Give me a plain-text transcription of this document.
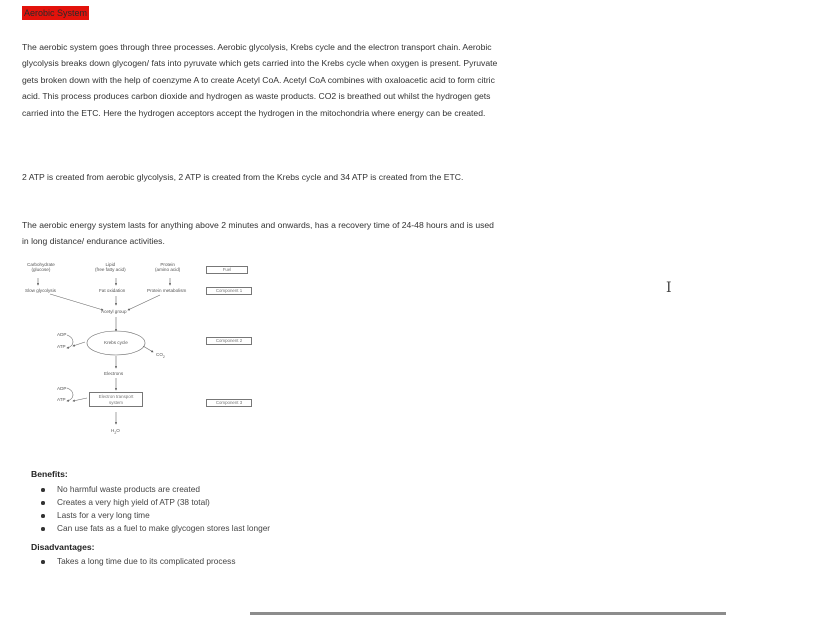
Aerobic System

The aerobic system goes through three processes. Aerobic glycolysis, Krebs cycle and the electron transport chain. Aerobic glycolysis breaks down glycogen/ fats into pyruvate which gets carried into the Krebs cycle when oxygen is present. Pyruvate gets broken down with the help of coenzyme A to create Acetyl CoA. Acetyl CoA combines with oxaloacetic acid to form citric acid. This process produces carbon dioxide and hydrogen as waste products. CO2 is breathed out whilst the hydrogen gets carried into the ETC. Here the hydrogen acceptors accept the hydrogen in the mitochondria where energy can be created.

2 ATP is created from aerobic glycolysis, 2 ATP is created from the Krebs cycle and 34 ATP is created from the ETC.

The aerobic energy system lasts for anything above 2 minutes and onwards, has a recovery time of 24-48 hours and is used in long distance/ endurance activities.

I
Carbohydrate
(glucose)
Lipid
(free fatty acid)
Protein
(amino acid)	Fuel
Slow glycolysis	Fat oxidation	Protein metabolism	Component 1
Acetyl group
ADP
ATP
Krebs cycle
$CO_2$
Component 2
Electrons
ADP
ATP
Electron transport
system	Component 3
$H_2O$
Benefits:
No harmful waste products are created
Creates a very high yield of ATP (38 total)
Lasts for a very long time
Can use fats as a fuel to make glycogen stores last longer
Disadvantages:
Takes a long time due to its complicated process
